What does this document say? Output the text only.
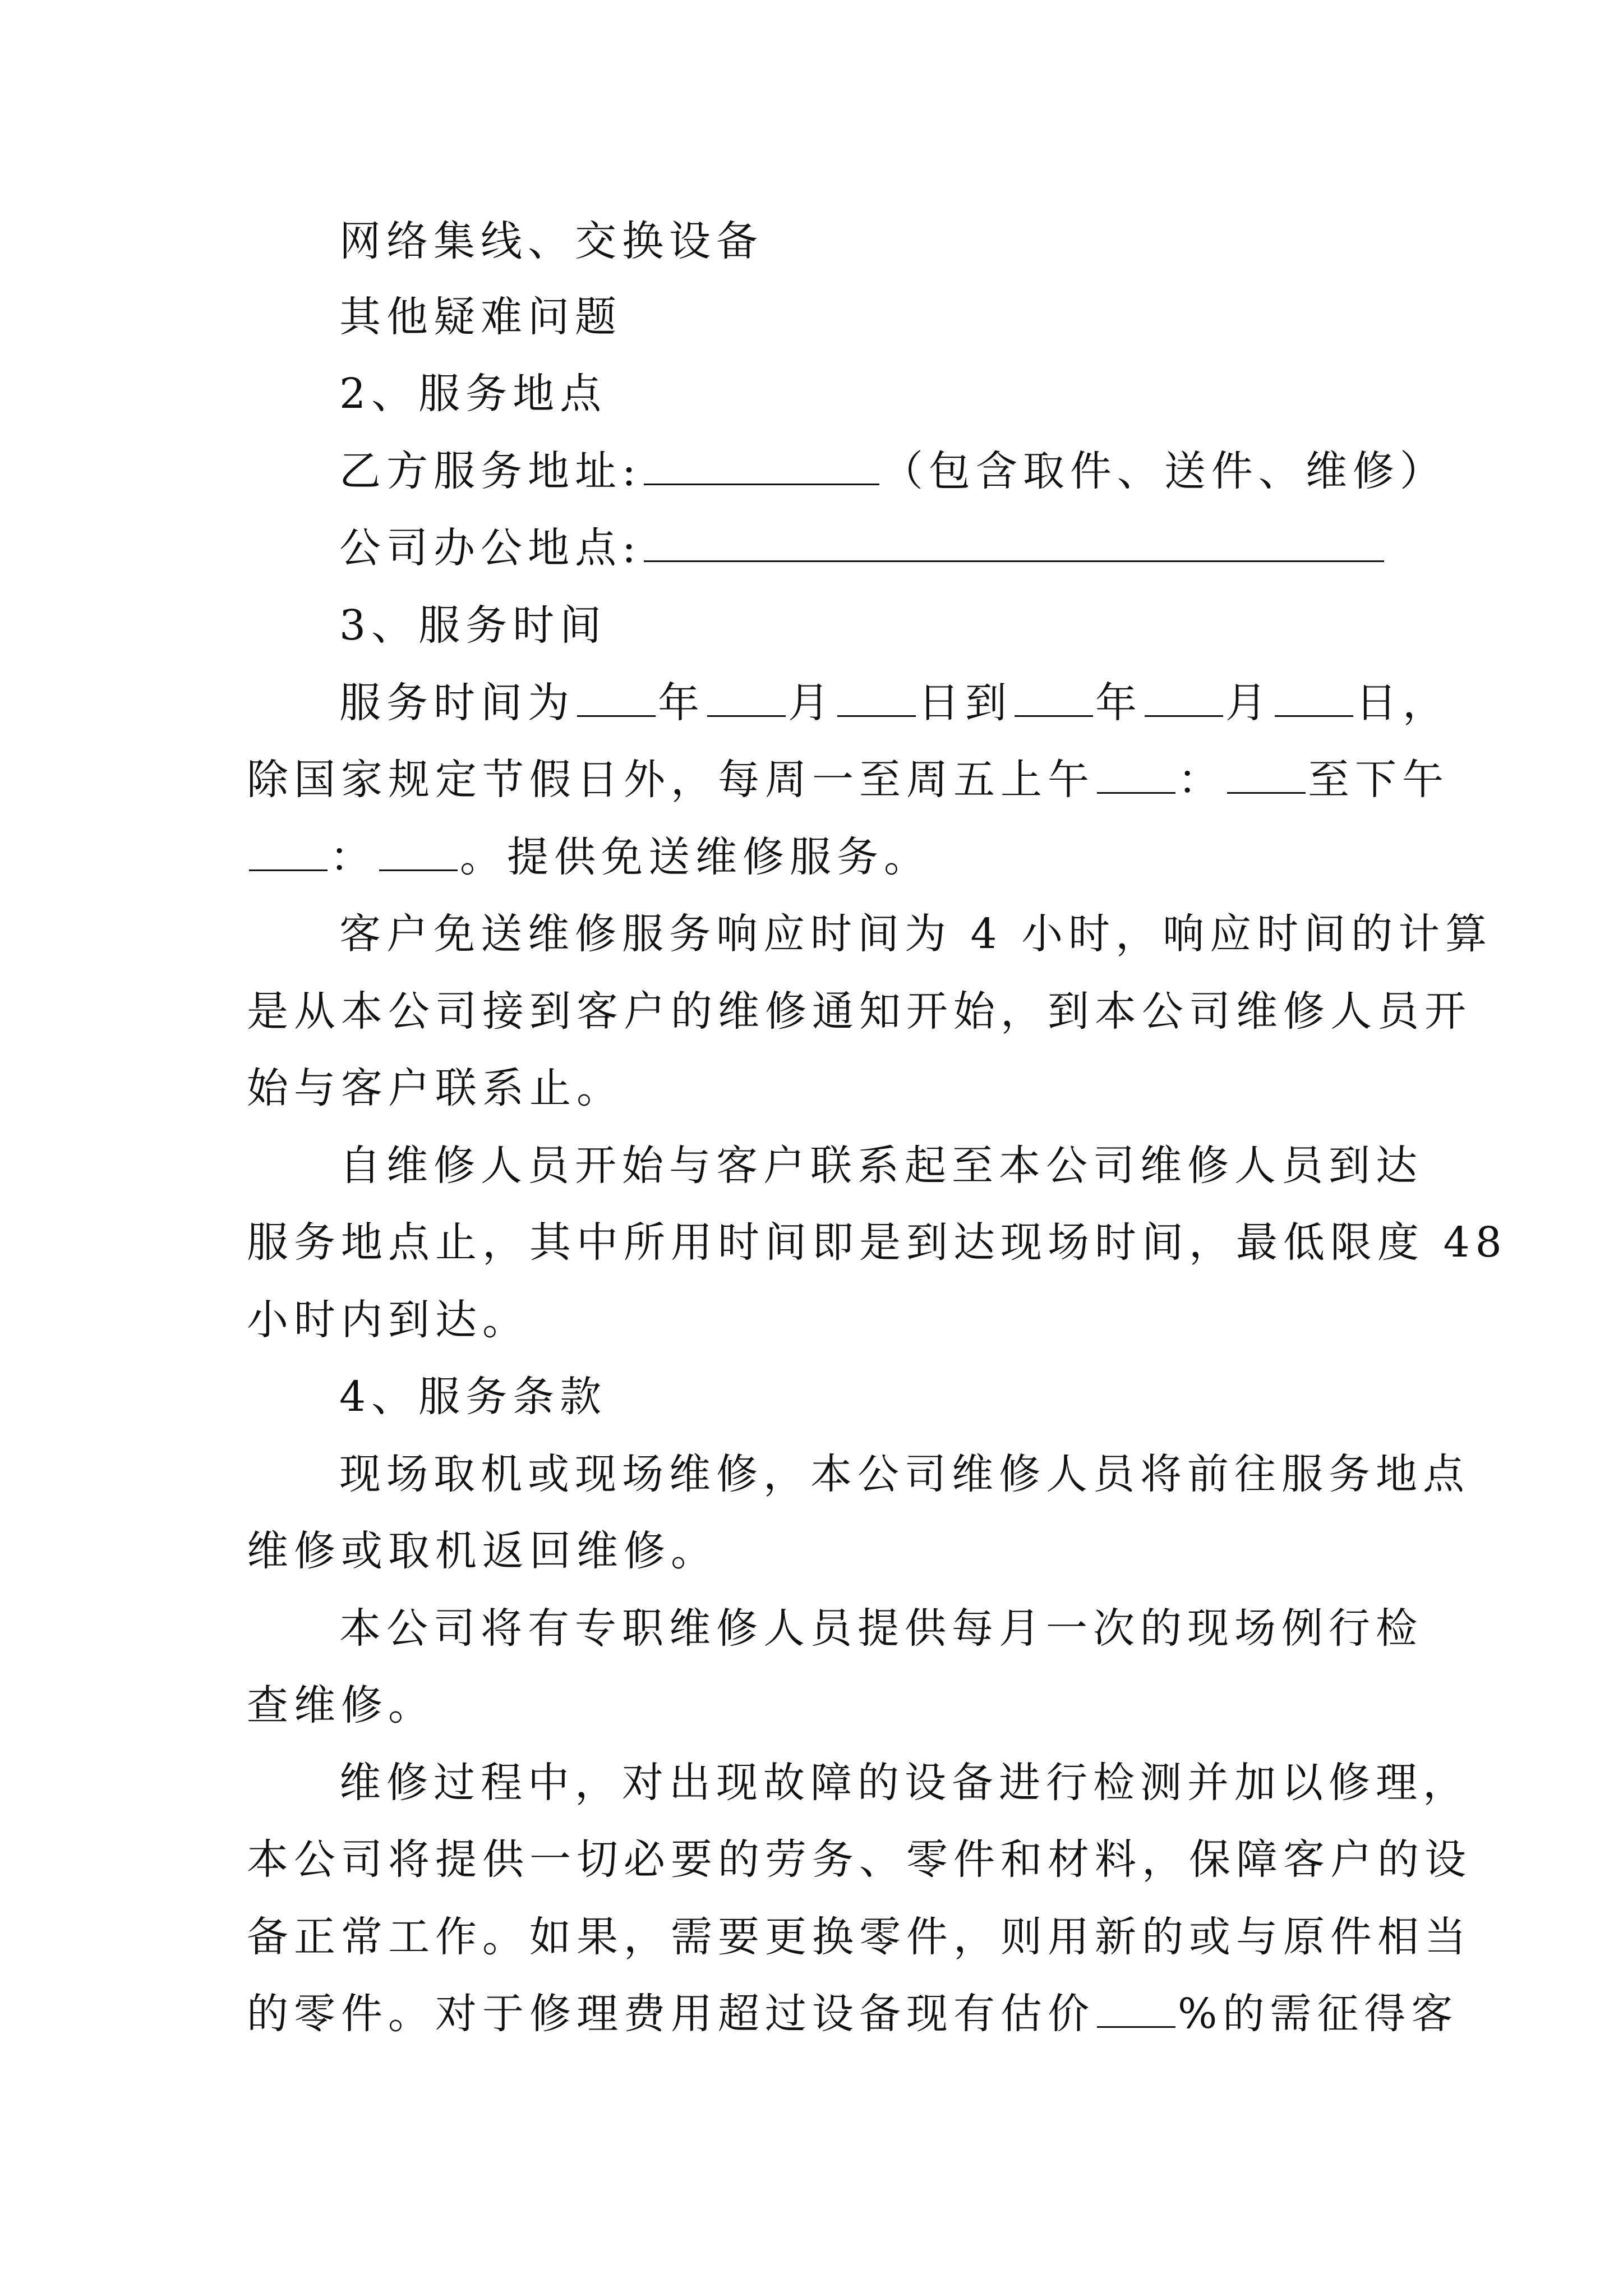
网络集线、交换设备
其他疑难问题
2、服务地点
乙方服务地址:	（包含取件、送件、维修）
公司办公地点:
3、服务时间
服务时间为 年 月 日到 年 月 日，
除国家规定节假日外，每周一至周五上午 ： 至下午
： 。提供免送维修服务。
客户免送维修服务响应时间为 4 小时，响应时间的计算
是从本公司接到客户的维修通知开始，到本公司维修人员开
始与客户联系止。
自维修人员开始与客户联系起至本公司维修人员到达
服务地点止，其中所用时间即是到达现场时间，最低限度 48
小时内到达。
4、服务条款
现场取机或现场维修，本公司维修人员将前往服务地点
维修或取机返回维修。
本公司将有专职维修人员提供每月一次的现场例行检
查维修。
维修过程中，对出现故障的设备进行检测并加以修理，
本公司将提供一切必要的劳务、零件和材料，保障客户的设
备正常工作。如果，需要更换零件，则用新的或与原件相当
的零件。对于修理费用超过设备现有估价 %的需征得客
